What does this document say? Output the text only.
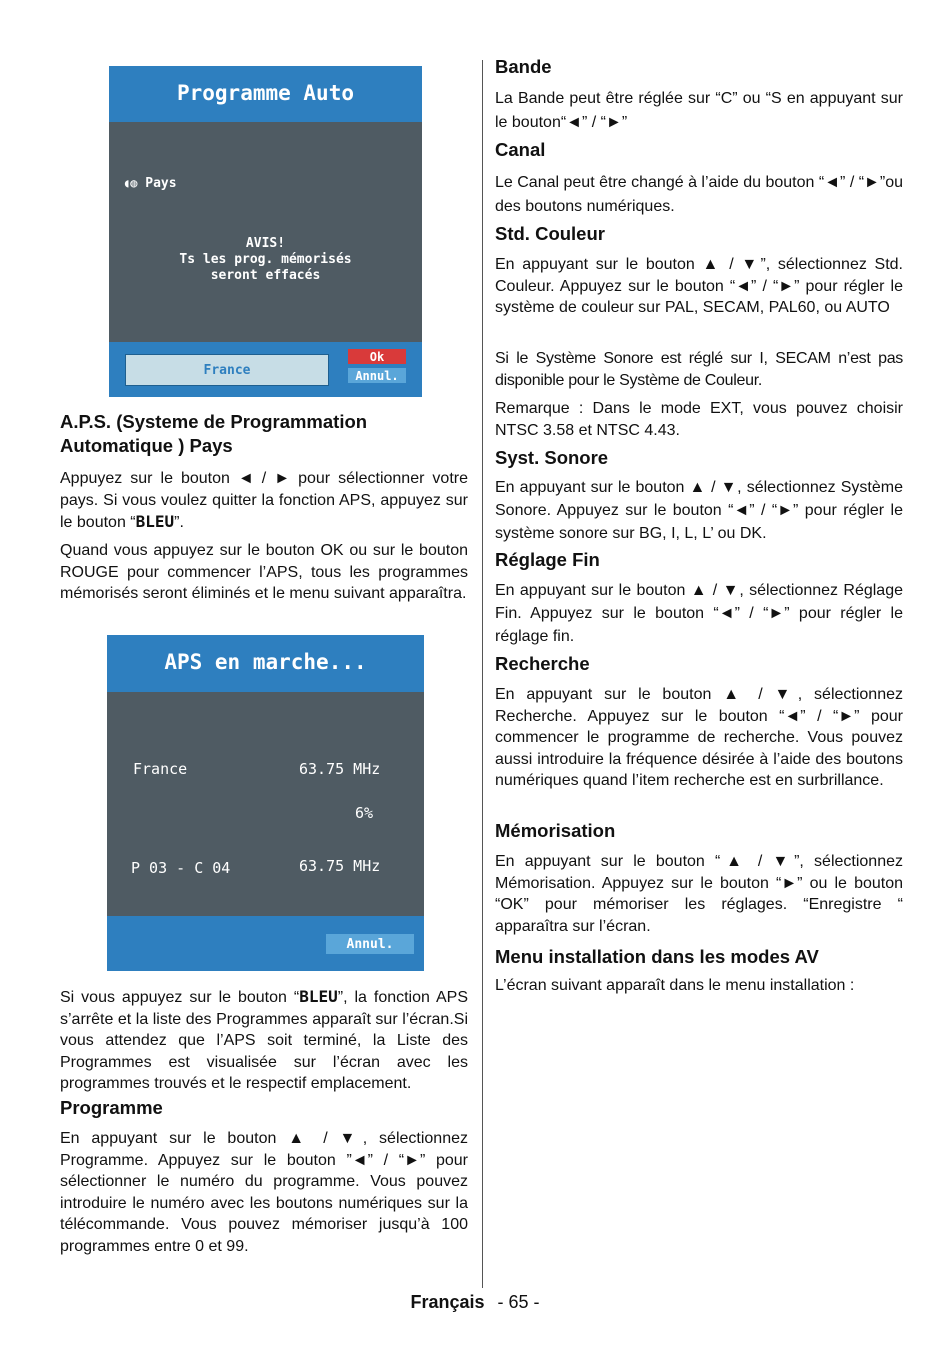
Programme Auto
◖◍ Pays
AVIS!
Ts les prog. mémorisés
seront effacés
France
Ok
Annul.
A.P.S. (Systeme de Programmation Automatique ) Pays
Appuyez sur le bouton ◄ / ► pour sélectionner votre pays. Si vous voulez quitter la fonction APS, appuyez sur le bouton “BLEU”.
Quand vous appuyez sur le bouton OK ou sur le bouton ROUGE pour commencer l’APS, tous les programmes mémorisés seront éliminés et le menu suivant apparaîtra.
APS en marche...
France	63.75 MHz
6%
P 03 - C 04	63.75 MHz
Annul.
Si vous appuyez sur le bouton “BLEU”, la fonction APS s’arrête et la liste des Programmes apparaît sur l’écran.Si vous attendez que l’APS soit terminé, la Liste des Programmes est visualisée sur l’écran avec les programmes trouvés et le respectif emplacement.
Programme
En appuyant sur le bouton ▲ / ▼, sélectionnez Programme. Appuyez sur le bouton ”◄” / “►” pour sélectionner le numéro du programme. Vous pouvez introduire le numéro avec les boutons numériques sur la télécommande. Vous pouvez mémoriser jusqu’à 100 programmes entre 0 et 99.
Bande
La Bande peut être réglée sur “C” ou “S en appuyant sur le bouton“◄” / “►”
Canal
Le Canal peut être changé à l’aide du bouton “◄” / “►”ou des boutons numériques.
Std. Couleur
En appuyant sur le bouton ▲ / ▼”, sélectionnez Std. Couleur. Appuyez sur le bouton “◄” / “►” pour régler le système de couleur sur PAL, SECAM, PAL60, ou AUTO
Si le Système Sonore est réglé sur I, SECAM n’est pas disponible pour le Système de Couleur.
Remarque : Dans le mode EXT, vous pouvez choisir NTSC 3.58 et NTSC 4.43.
Syst. Sonore
En appuyant sur le bouton ▲ / ▼, sélectionnez Système Sonore. Appuyez sur le bouton “◄” / “►” pour régler le système sonore sur BG, I, L, L’ ou DK.
Réglage Fin
En appuyant sur le bouton ▲ / ▼, sélectionnez Réglage Fin. Appuyez sur le bouton “◄” / “►” pour régler le réglage fin.
Recherche
En appuyant sur le bouton ▲ / ▼, sélectionnez Recherche. Appuyez sur le bouton “◄” / “►” pour commencer le programme de recherche. Vous pouvez aussi introduire la fréquence désirée à l’aide des boutons numériques quand l’item recherche est en surbrillance.
Mémorisation
En appuyant sur le bouton “▲ / ▼”, sélectionnez Mémorisation. Appuyez sur le bouton “►” ou le bouton “OK” pour mémoriser les réglages. “Enregistre “ apparaîtra sur l’écran.
Menu installation dans les modes AV
L’écran suivant apparaît dans le menu installation :
Français - 65 -
